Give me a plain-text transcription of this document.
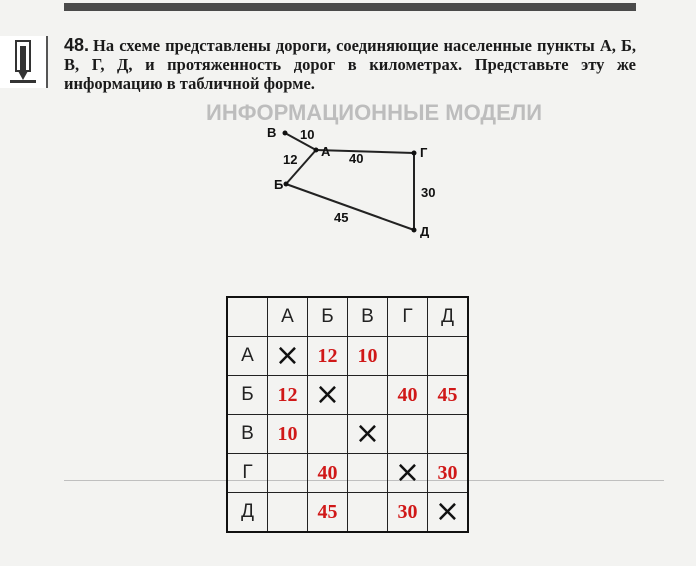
ИНФОРМАЦИОННЫЕ МОДЕЛИ
48. На схеме представлены дороги, соединяющие населенные пункты А, Б, В, Г, Д, и протяженность дорог в километрах. Представьте эту же информацию в табличной форме.
В
А
Б
Г
Д
10
12	40
30
45
	А	Б	В	Г	Д
А	×	12	10		
Б	12	×		40	45
В	10		×		
Г		40		×	30
Д		45		30	×
